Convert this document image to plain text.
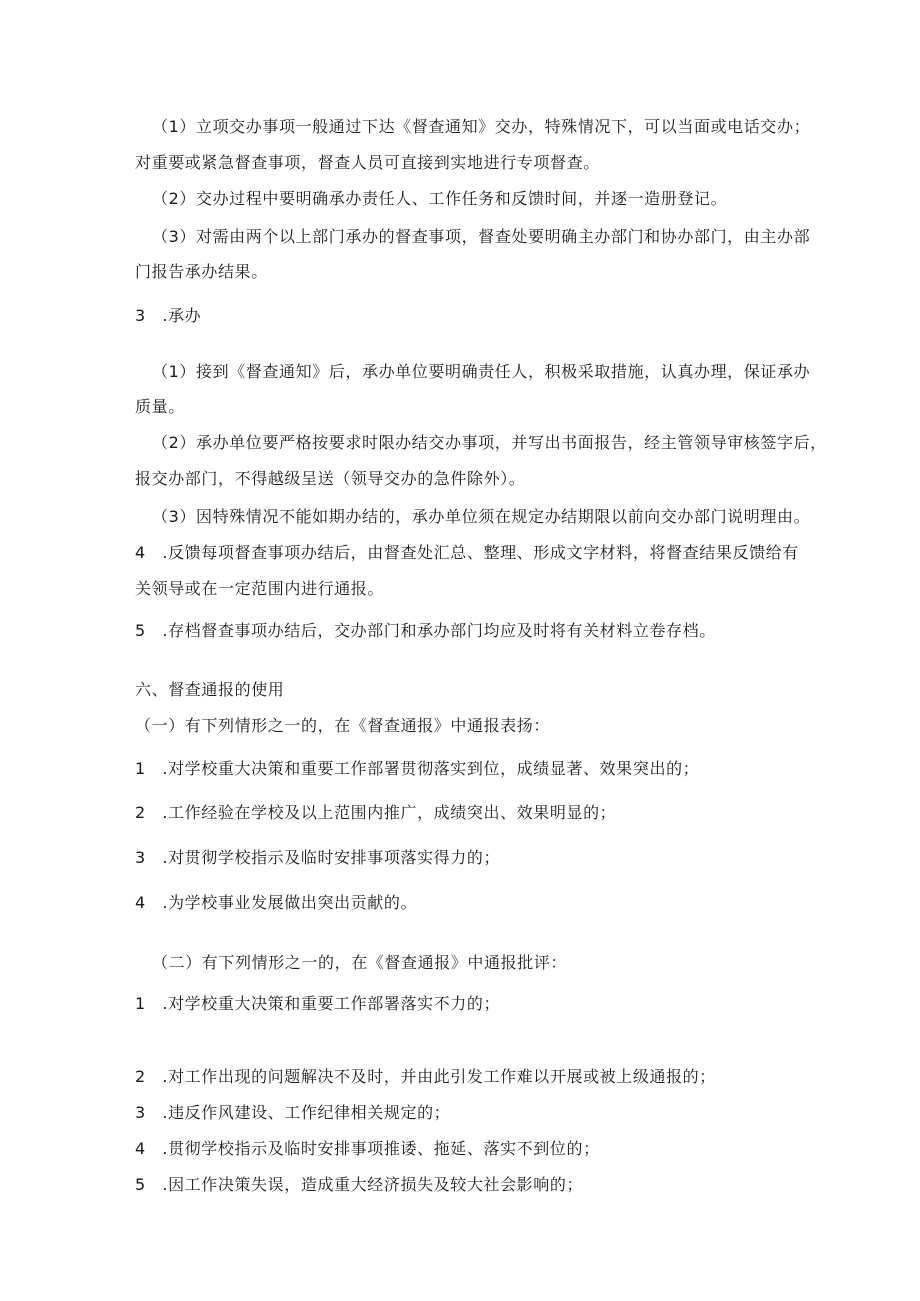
（1）立项交办事项一般通过下达《督查通知》交办，特殊情况下，可以当面或电话交办；
对重要或紧急督查事项，督查人员可直接到实地进行专项督查。
（2）交办过程中要明确承办责任人、工作任务和反馈时间，并逐一造册登记。
（3）对需由两个以上部门承办的督查事项，督查处要明确主办部门和协办部门，由主办部
门报告承办结果。
3　.承办
（1）接到《督查通知》后，承办单位要明确责任人，积极采取措施，认真办理，保证承办
质量。
（2）承办单位要严格按要求时限办结交办事项，并写出书面报告，经主管领导审核签字后，
报交办部门，不得越级呈送（领导交办的急件除外）。
（3）因特殊情况不能如期办结的，承办单位须在规定办结期限以前向交办部门说明理由。
4　.反馈每项督查事项办结后，由督查处汇总、整理、形成文字材料，将督查结果反馈给有
关领导或在一定范围内进行通报。
5　.存档督查事项办结后，交办部门和承办部门均应及时将有关材料立卷存档。
六、督查通报的使用
（一）有下列情形之一的，在《督查通报》中通报表扬：
1　.对学校重大决策和重要工作部署贯彻落实到位，成绩显著、效果突出的；
2　.工作经验在学校及以上范围内推广，成绩突出、效果明显的；
3　.对贯彻学校指示及临时安排事项落实得力的；
4　.为学校事业发展做出突出贡献的。
（二）有下列情形之一的，在《督查通报》中通报批评：
1　.对学校重大决策和重要工作部署落实不力的；
2　.对工作出现的问题解决不及时，并由此引发工作难以开展或被上级通报的；
3　.违反作风建设、工作纪律相关规定的；
4　.贯彻学校指示及临时安排事项推诿、拖延、落实不到位的；
5　.因工作决策失误，造成重大经济损失及较大社会影响的；
